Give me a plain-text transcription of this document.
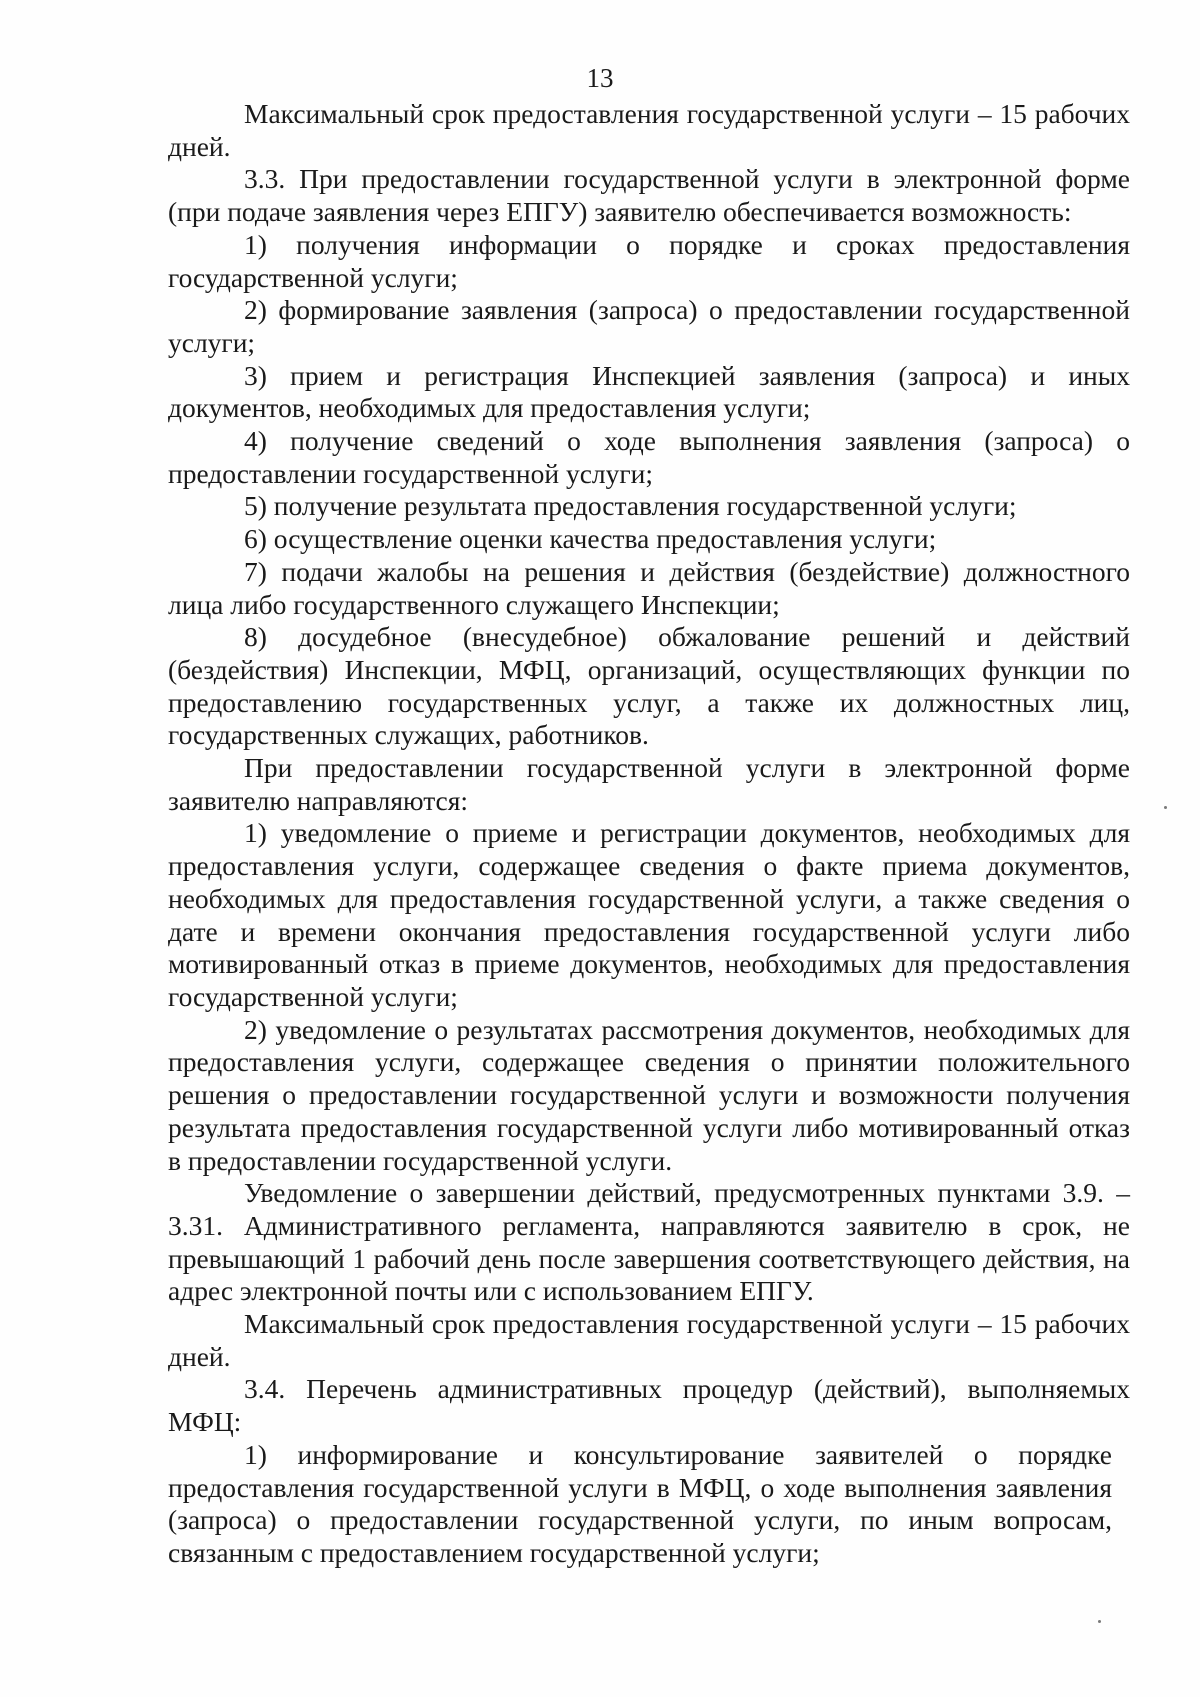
13

Максимальный срок предоставления государственной услуги – 15 рабочих дней.

3.3. При предоставлении государственной услуги в электронной форме (при подаче заявления через ЕПГУ) заявителю обеспечивается возможность:

1) получения информации о порядке и сроках предоставления государственной услуги;

2) формирование заявления (запроса) о предоставлении государственной услуги;

3) прием и регистрация Инспекцией заявления (запроса) и иных документов, необходимых для предоставления услуги;

4) получение сведений о ходе выполнения заявления (запроса) о предоставлении государственной услуги;

5) получение результата предоставления государственной услуги;

6) осуществление оценки качества предоставления услуги;

7) подачи жалобы на решения и действия (бездействие) должностного лица либо государственного служащего Инспекции;

8) досудебное (внесудебное) обжалование решений и действий (бездействия) Инспекции, МФЦ, организаций, осуществляющих функции по предоставлению государственных услуг, а также их должностных лиц, государственных служащих, работников.

При предоставлении государственной услуги в электронной форме заявителю направляются:

1) уведомление о приеме и регистрации документов, необходимых для предоставления услуги, содержащее сведения о факте приема документов, необходимых для предоставления государственной услуги, а также сведения о дате и времени окончания предоставления государственной услуги либо мотивированный отказ в приеме документов, необходимых для предоставления государственной услуги;

2) уведомление о результатах рассмотрения документов, необходимых для предоставления услуги, содержащее сведения о принятии положительного решения о предоставлении государственной услуги и возможности получения результата предоставления государственной услуги либо мотивированный отказ в предоставлении государственной услуги.

Уведомление о завершении действий, предусмотренных пунктами 3.9. – 3.31. Административного регламента, направляются заявителю в срок, не превышающий 1 рабочий день после завершения соответствующего действия, на адрес электронной почты или с использованием ЕПГУ.

Максимальный срок предоставления государственной услуги – 15 рабочих дней.

3.4. Перечень административных процедур (действий), выполняемых МФЦ:

1) информирование и консультирование заявителей о порядке предоставления государственной услуги в МФЦ, о ходе выполнения заявления (запроса) о предоставлении государственной услуги, по иным вопросам, связанным с предоставлением государственной услуги;
